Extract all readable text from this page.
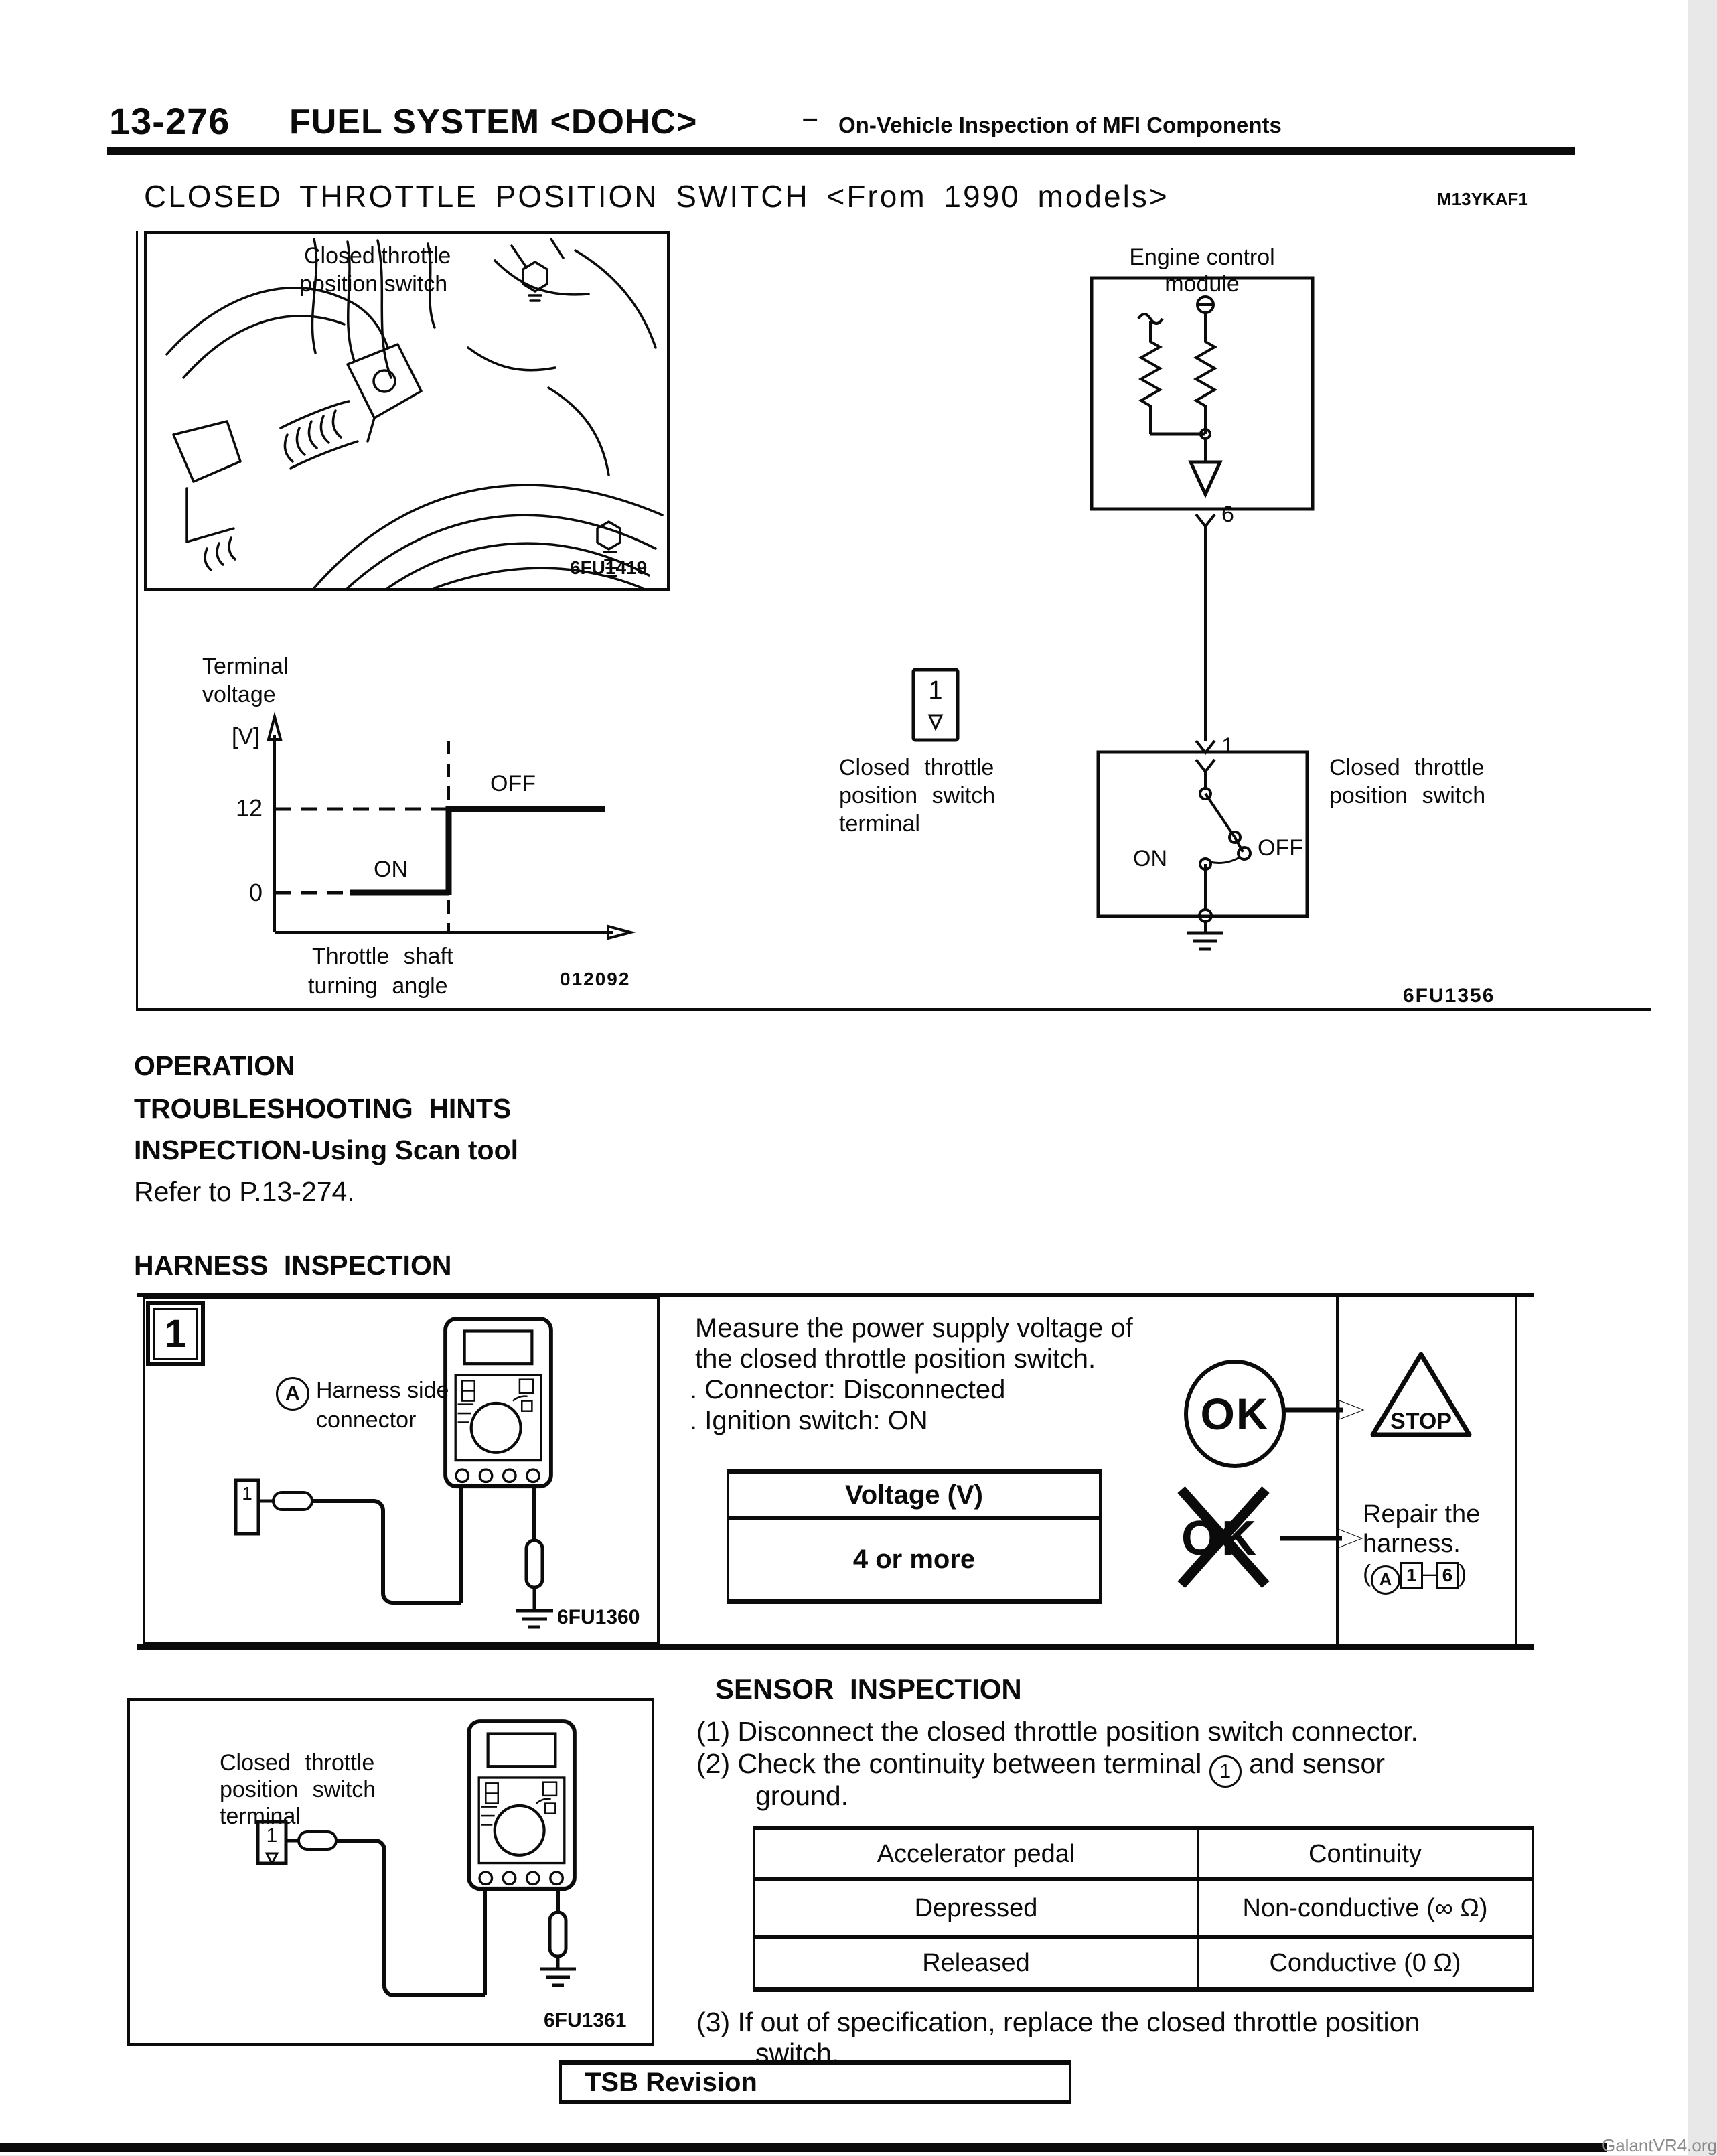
13-276 FUEL SYSTEM <DOHC>	– On-Vehicle Inspection of MFI Components
CLOSED THROTTLE POSITION SWITCH <From 1990 models>	M13YKAF1
Closed throttle
position switch
6FU1419
Engine control module
6
1
1
Closed throttle
position switch
terminal
Closed throttle
position switch
ON	OFF
6FU1356
Terminal
voltage
[V]
12
0
OFF
ON
Throttle shaft
turning angle	012092
OPERATION
TROUBLESHOOTING HINTS
INSPECTION-Using Scan tool
Refer to P.13-274.
HARNESS INSPECTION
1
A Harness side
connector
1
6FU1360
Measure the power supply voltage of
the closed throttle position switch.
. Connector: Disconnected
. Ignition switch: ON
Voltage (V)
4 or more
OK	STOP
OK	Repair the
harness.
( A 1 – 6 )
SENSOR INSPECTION
(1) Disconnect the closed throttle position switch connector.
(2) Check the continuity between terminal 1 and sensor
ground.
Accelerator pedal	Continuity
Depressed	Non-conductive (∞ Ω)
Released	Conductive (0 Ω)
(3) If out of specification, replace the closed throttle position
switch.
Closed throttle
position switch
terminal
1
6FU1361
TSB Revision
GalantVR4.org
